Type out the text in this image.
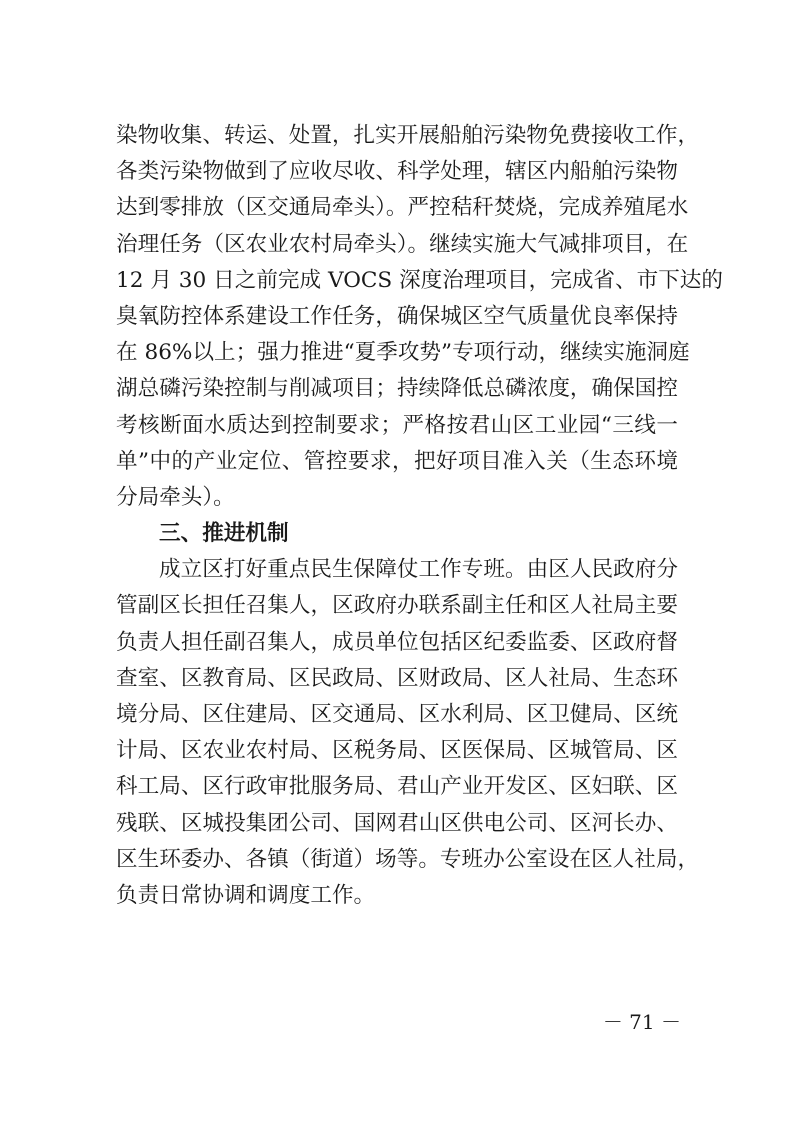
染物收集、转运、处置，扎实开展船舶污染物免费接收工作，
各类污染物做到了应收尽收、科学处理，辖区内船舶污染物
达到零排放（区交通局牵头）。严控秸秆焚烧，完成养殖尾水
治理任务（区农业农村局牵头）。继续实施大气减排项目，在
12 月 30 日之前完成 VOCS 深度治理项目，完成省、市下达的
臭氧防控体系建设工作任务，确保城区空气质量优良率保持
在 86%以上；强力推进“夏季攻势”专项行动，继续实施洞庭
湖总磷污染控制与削减项目；持续降低总磷浓度，确保国控
考核断面水质达到控制要求；严格按君山区工业园“三线一
单”中的产业定位、管控要求，把好项目准入关（生态环境
分局牵头）。
三、推进机制
成立区打好重点民生保障仗工作专班。由区人民政府分
管副区长担任召集人，区政府办联系副主任和区人社局主要
负责人担任副召集人，成员单位包括区纪委监委、区政府督
查室、区教育局、区民政局、区财政局、区人社局、生态环
境分局、区住建局、区交通局、区水利局、区卫健局、区统
计局、区农业农村局、区税务局、区医保局、区城管局、区
科工局、区行政审批服务局、君山产业开发区、区妇联、区
残联、区城投集团公司、国网君山区供电公司、区河长办、
区生环委办、各镇（街道）场等。专班办公室设在区人社局，
负责日常协调和调度工作。
－ 71 －
